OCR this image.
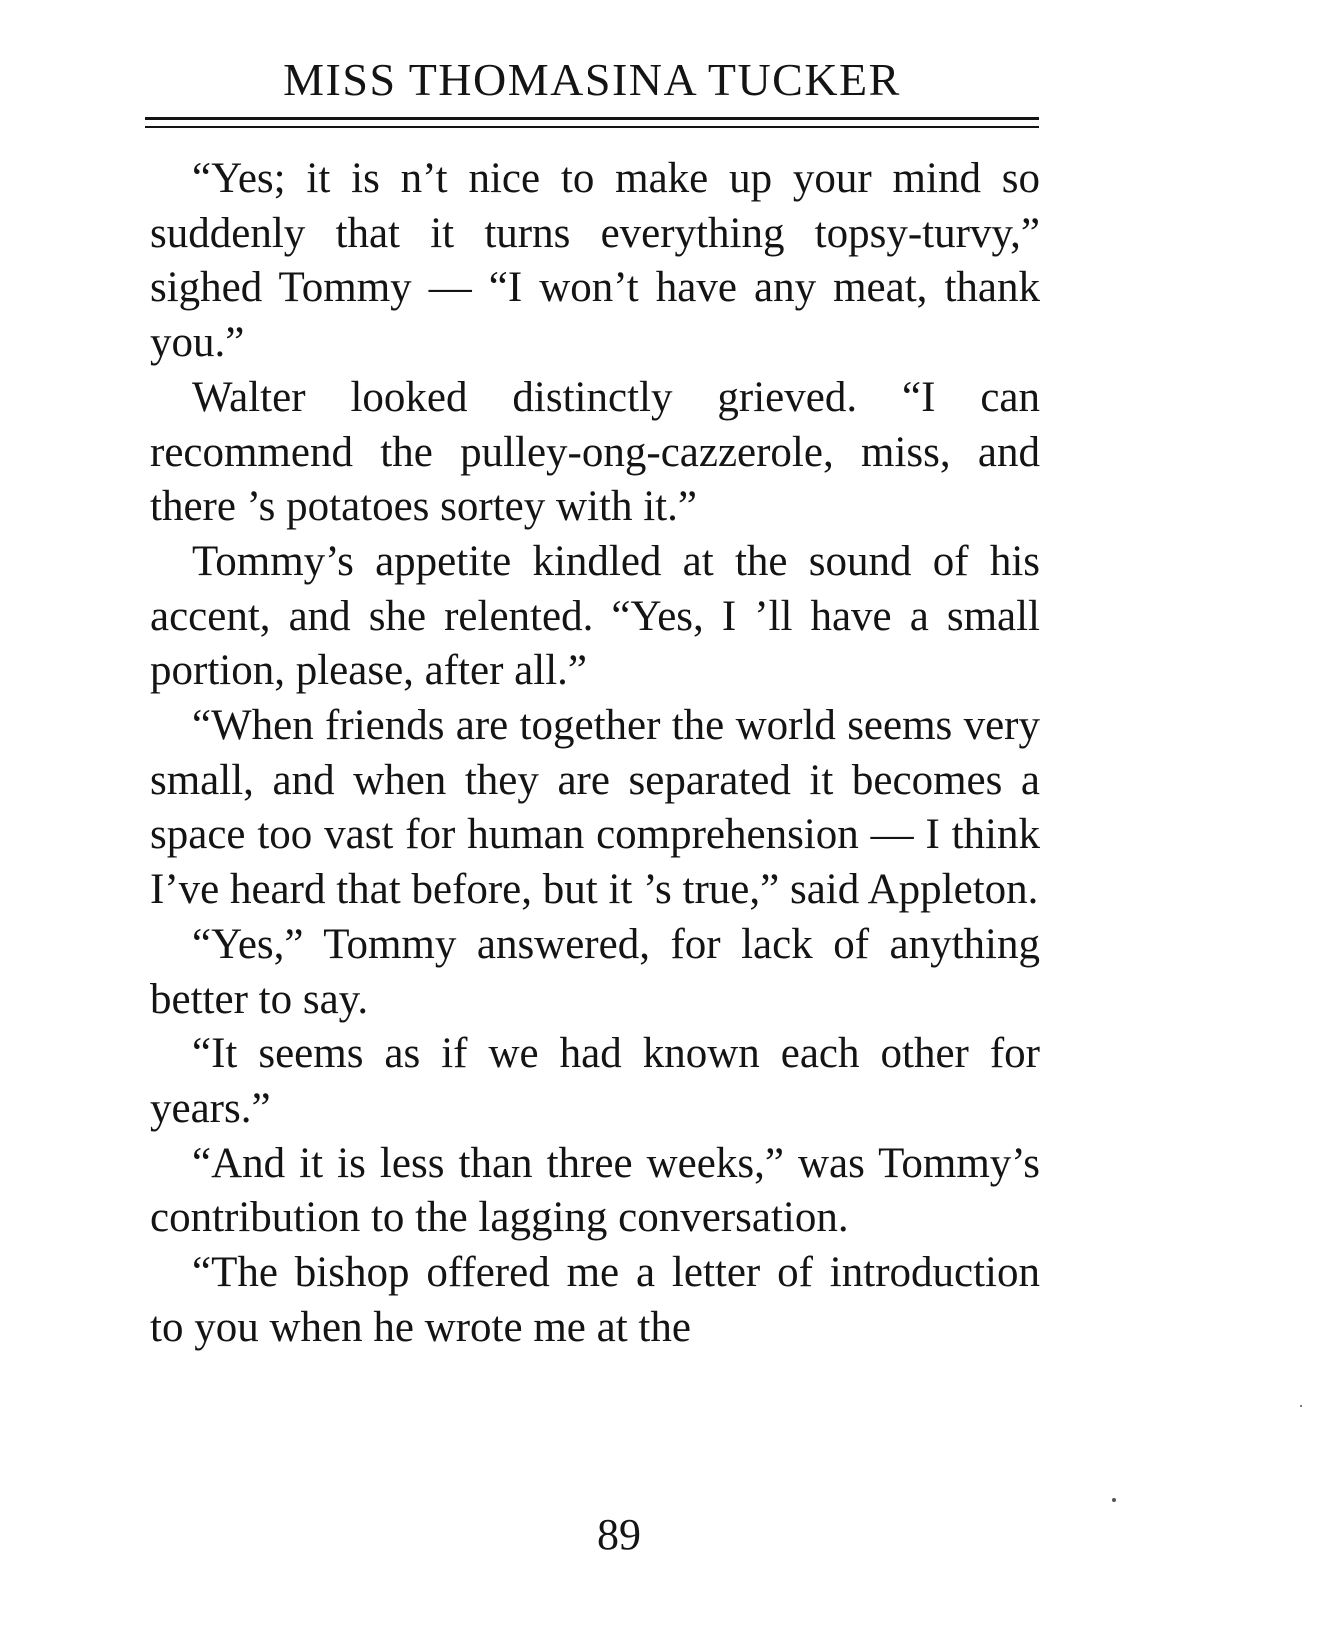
MISS THOMASINA TUCKER

“Yes; it is n’t nice to make up your mind so suddenly that it turns everything topsy-turvy,” sighed Tommy — “I won’t have any meat, thank you.”

Walter looked distinctly grieved. “I can recommend the pulley-ong-cazzerole, miss, and there ’s potatoes sortey with it.”

Tommy’s appetite kindled at the sound of his accent, and she relented. “Yes, I ’ll have a small portion, please, after all.”

“When friends are together the world seems very small, and when they are separated it becomes a space too vast for human comprehension — I think I’ve heard that before, but it ’s true,” said Appleton.

“Yes,” Tommy answered, for lack of anything better to say.

“It seems as if we had known each other for years.”

“And it is less than three weeks,” was Tommy’s contribution to the lagging conversation.

“The bishop offered me a letter of introduction to you when he wrote me at the

89
